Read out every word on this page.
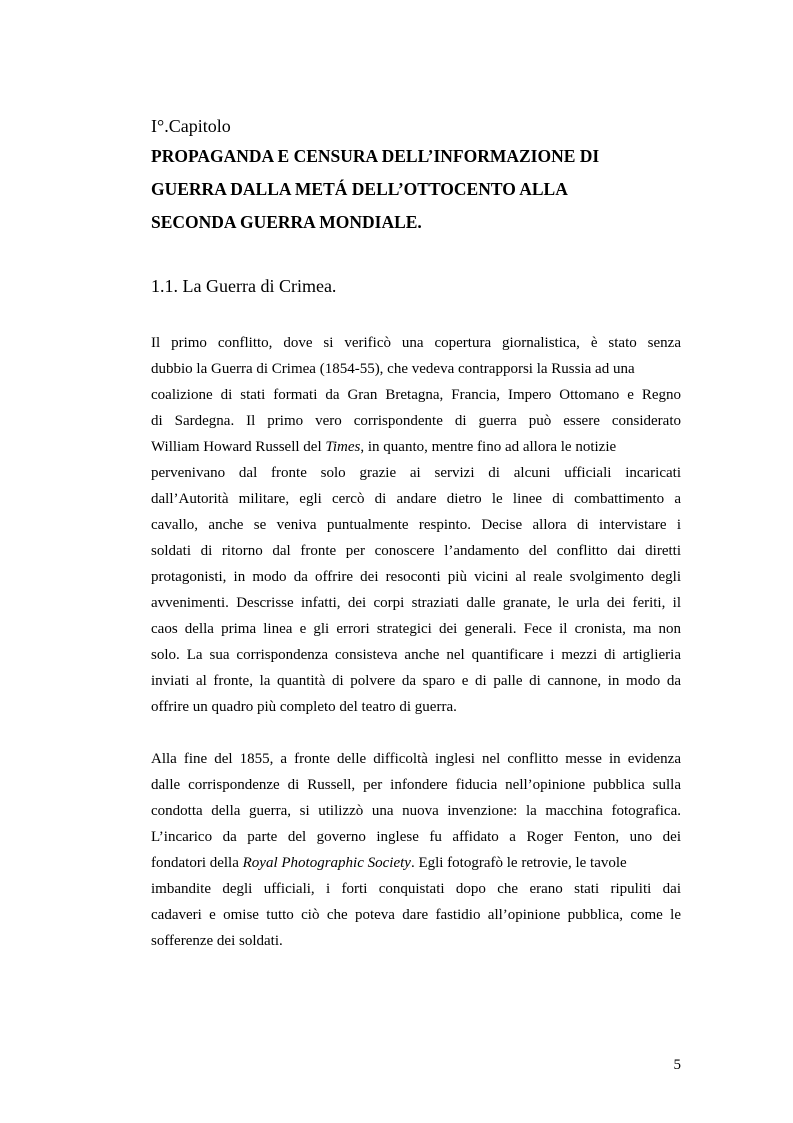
I°.Capitolo
PROPAGANDA E CENSURA DELL’INFORMAZIONE DI
GUERRA DALLA METÁ DELL’OTTOCENTO ALLA
SECONDA GUERRA MONDIALE.
1.1. La Guerra di Crimea.
Il primo conflitto, dove si verificò una copertura giornalistica, è stato senza
dubbio la Guerra di Crimea (1854-55), che vedeva contrapporsi la Russia ad una
coalizione di stati formati da Gran Bretagna, Francia, Impero Ottomano e Regno
di Sardegna. Il primo vero corrispondente di guerra può essere considerato
William Howard Russell del Times, in quanto, mentre fino ad allora le notizie
pervenivano dal fronte solo grazie ai servizi di alcuni ufficiali incaricati
dall’Autorità militare, egli cercò di andare dietro le linee di combattimento a
cavallo, anche se veniva puntualmente respinto. Decise allora di intervistare i
soldati di ritorno dal fronte per conoscere l’andamento del conflitto dai diretti
protagonisti, in modo da offrire dei resoconti più vicini al reale svolgimento degli
avvenimenti. Descrisse infatti, dei corpi straziati dalle granate, le urla dei feriti, il
caos della prima linea e gli errori strategici dei generali. Fece il cronista, ma non
solo. La sua corrispondenza consisteva anche nel quantificare i mezzi di artiglieria
inviati al fronte, la quantità di polvere da sparo e di palle di cannone, in modo da
offrire un quadro più completo del teatro di guerra.
Alla fine del 1855, a fronte delle difficoltà inglesi nel conflitto messe in evidenza
dalle corrispondenze di Russell, per infondere fiducia nell’opinione pubblica sulla
condotta della guerra, si utilizzò una nuova invenzione: la macchina fotografica.
L’incarico da parte del governo inglese fu affidato a Roger Fenton, uno dei
fondatori della Royal Photographic Society. Egli fotografò le retrovie, le tavole
imbandite degli ufficiali, i forti conquistati dopo che erano stati ripuliti dai
cadaveri e omise tutto ciò che poteva dare fastidio all’opinione pubblica, come le
sofferenze dei soldati.
5
